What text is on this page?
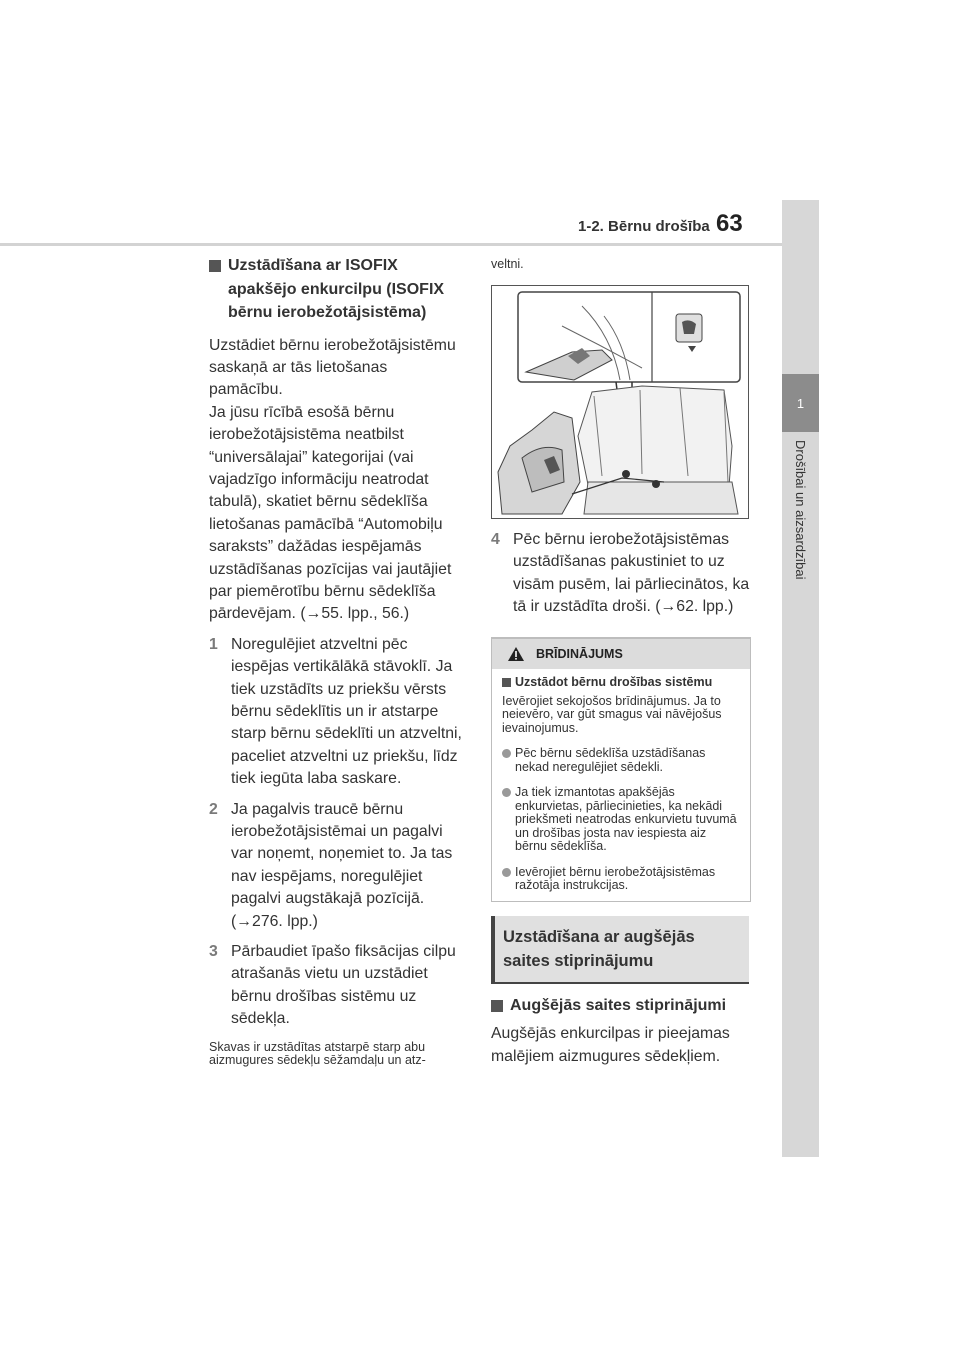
1-2. Bērnu drošība 63
1
Drošībai un aizsardzībai
Uzstādīšana ar ISOFIX apakšējo enkurcilpu (ISOFIX bērnu ierobežotājsistēma)
Uzstādiet bērnu ierobežotājsistēmu saskaņā ar tās lietošanas pamācību.
Ja jūsu rīcībā esošā bērnu ierobežotājsistēma neatbilst “universālajai” kategorijai (vai vajadzīgo informāciju neatrodat tabulā), skatiet bērnu sēdeklīša lietošanas pamācībā “Automobiļu saraksts” dažādas iespējamās uzstādīšanas pozīcijas vai jautājiet par piemērotību bērnu sēdeklīša pārdevējam. (→55. lpp., 56.)
1 Noregulējiet atzveltni pēc iespējas vertikālākā stāvoklī. Ja tiek uzstādīts uz priekšu vērsts bērnu sēdeklītis un ir atstarpe starp bērnu sēdeklīti un atzveltni, paceliet atzveltni uz priekšu, līdz tiek iegūta laba saskare.
2 Ja pagalvis traucē bērnu ierobežotājsistēmai un pagalvi var noņemt, noņemiet to. Ja tas nav iespējams, noregulējiet pagalvi augstākajā pozīcijā. (→276. lpp.)
3 Pārbaudiet īpašo fiksācijas cilpu atrašanās vietu un uzstādiet bērnu drošības sistēmu uz sēdekļa.
Skavas ir uzstādītas atstarpē starp abu aizmugures sēdekļu sēžamdaļu un atz-
veltni.
4 Pēc bērnu ierobežotājsistēmas uzstādīšanas pakustiniet to uz visām pusēm, lai pārliecinātos, ka tā ir uzstādīta droši. (→62. lpp.)
BRĪDINĀJUMS
Uzstādot bērnu drošības sistēmu
Ievērojiet sekojošos brīdinājumus. Ja to neievēro, var gūt smagus vai nāvējošus ievainojumus.
Pēc bērnu sēdeklīša uzstādīšanas nekad neregulējiet sēdekli.
Ja tiek izmantotas apakšējās enkurvietas, pārliecinieties, ka nekādi priekšmeti neatrodas enkurvietu tuvumā un drošības josta nav iespiesta aiz bērnu sēdeklīša.
Ievērojiet bērnu ierobežotājsistēmas ražotāja instrukcijas.
Uzstādīšana ar augšējās saites stiprinājumu
Augšējās saites stiprinājumi
Augšējās enkurcilpas ir pieejamas malējiem aizmugures sēdekļiem.
